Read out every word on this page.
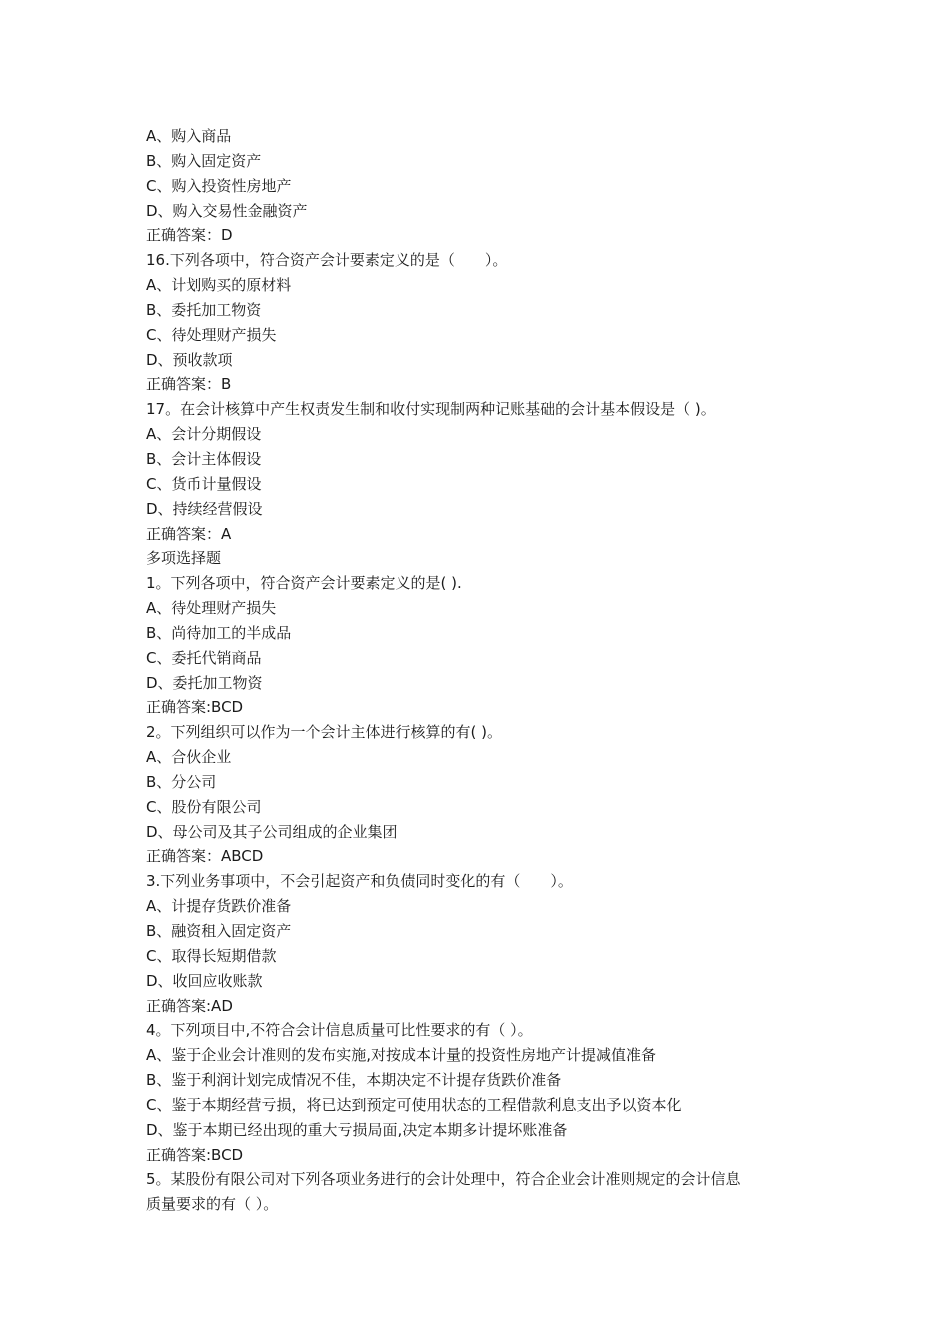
A、购入商品
B、购入固定资产
C、购入投资性房地产
D、购入交易性金融资产
正确答案：D
16.下列各项中，符合资产会计要素定义的是（　　）。
A、计划购买的原材料
B、委托加工物资
C、待处理财产损失
D、预收款项
正确答案：B
17。在会计核算中产生权责发生制和收付实现制两种记账基础的会计基本假设是（ )。
A、会计分期假设
B、会计主体假设
C、货币计量假设
D、持续经营假设
正确答案：A
多项选择题
1。下列各项中，符合资产会计要素定义的是( ).
A、待处理财产损失
B、尚待加工的半成品
C、委托代销商品
D、委托加工物资
正确答案:BCD
2。下列组织可以作为一个会计主体进行核算的有( )。
A、合伙企业
B、分公司
C、股份有限公司
D、母公司及其子公司组成的企业集团
正确答案：ABCD
3.下列业务事项中，不会引起资产和负债同时变化的有（　　）。
A、计提存货跌价准备
B、融资租入固定资产
C、取得长短期借款
D、收回应收账款
正确答案:AD
4。下列项目中,不符合会计信息质量可比性要求的有（ ）。
A、鉴于企业会计准则的发布实施,对按成本计量的投资性房地产计提减值准备
B、鉴于利润计划完成情况不佳，本期决定不计提存货跌价准备
C、鉴于本期经营亏损，将已达到预定可使用状态的工程借款利息支出予以资本化
D、鉴于本期已经出现的重大亏损局面,决定本期多计提坏账准备
正确答案:BCD
5。某股份有限公司对下列各项业务进行的会计处理中，符合企业会计准则规定的会计信息
质量要求的有（ ）。
